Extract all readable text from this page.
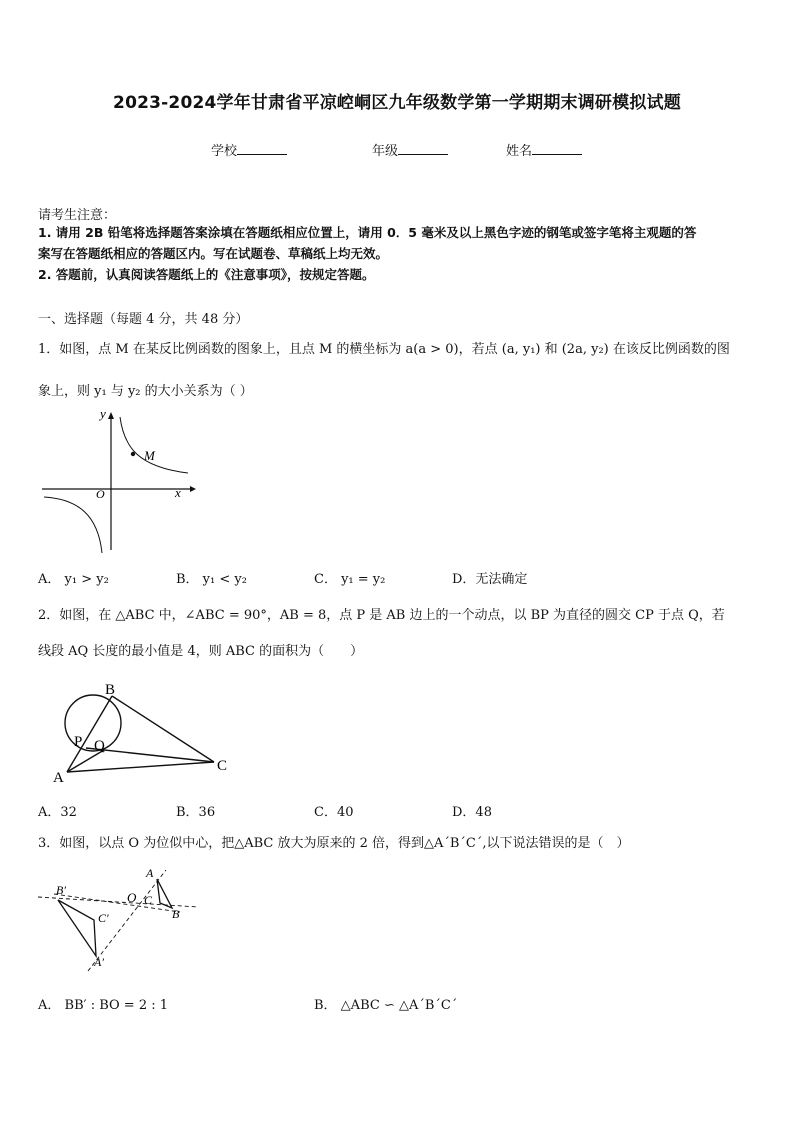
2023-2024学年甘肃省平凉崆峒区九年级数学第一学期期末调研模拟试题
学校	年级	姓名
请考生注意：
1. 请用 2B 铅笔将选择题答案涂填在答题纸相应位置上，请用 0．5 毫米及以上黑色字迹的钢笔或签字笔将主观题的答
案写在答题纸相应的答题区内。写在试题卷、草稿纸上均无效。
2. 答题前，认真阅读答题纸上的《注意事项》，按规定答题。
一、选择题（每题 4 分，共 48 分）
1．如图，点 M 在某反比例函数的图象上，且点 M 的横坐标为 a(a > 0)，若点 (a, y₁) 和 (2a, y₂) 在该反比例函数的图
象上，则 y₁ 与 y₂ 的大小关系为（ ）
y
x
O
M
A． y₁ > y₂	B． y₁ < y₂	C． y₁ = y₂	D．无法确定
2．如图，在 △ABC 中，∠ABC = 90°，AB = 8，点 P 是 AB 边上的一个动点，以 BP 为直径的圆交 CP 于点 Q，若
线段 AQ 长度的最小值是 4，则 ABC 的面积为（　　）
B
P Q
A
C
A．32	B．36	C．40	D．48
3．如图，以点 O 为位似中心，把△ABC 放大为原来的 2 倍，得到△A´B´C´,以下说法错误的是（　）
B′	O
A
C
C′	B
A′
A． BB′ : BO = 2 : 1	B． △ABC ∽ △A´B´C´
